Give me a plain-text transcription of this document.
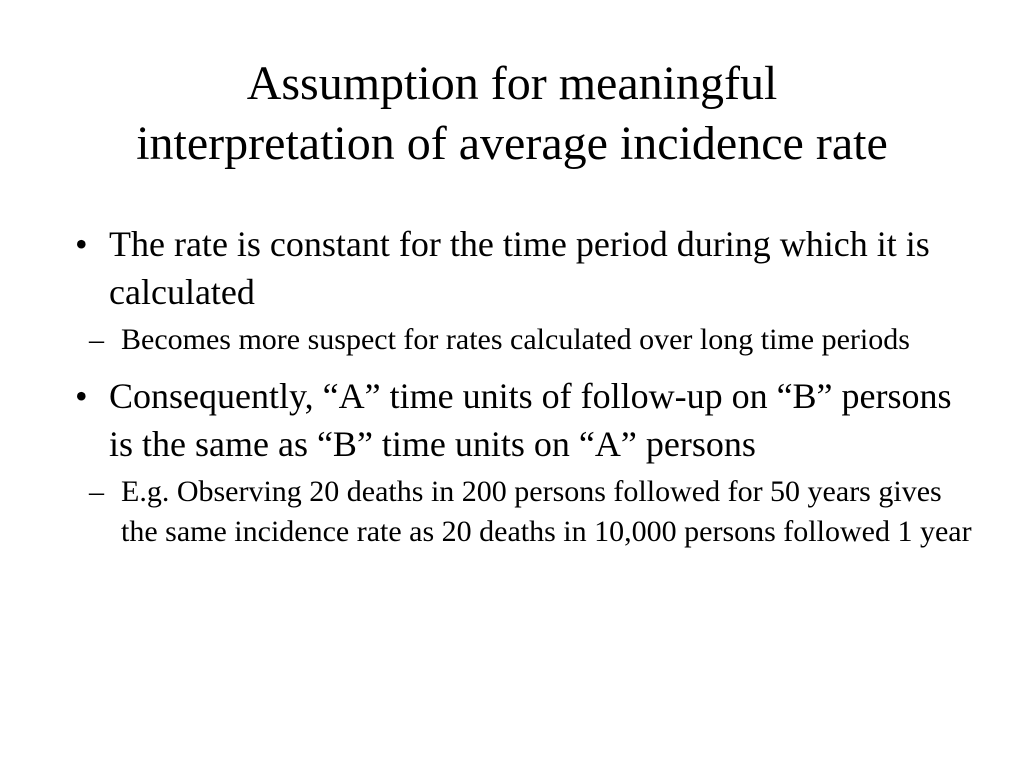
Assumption for meaningful
interpretation of average incidence rate
• The rate is constant for the time period during which it is calculated
– Becomes more suspect for rates calculated over long time periods
• Consequently, “A” time units of follow-up on “B” persons is the same as “B” time units on “A” persons
– E.g. Observing 20 deaths in 200 persons followed for 50 years gives the same incidence rate as 20 deaths in 10,000 persons followed 1 year
